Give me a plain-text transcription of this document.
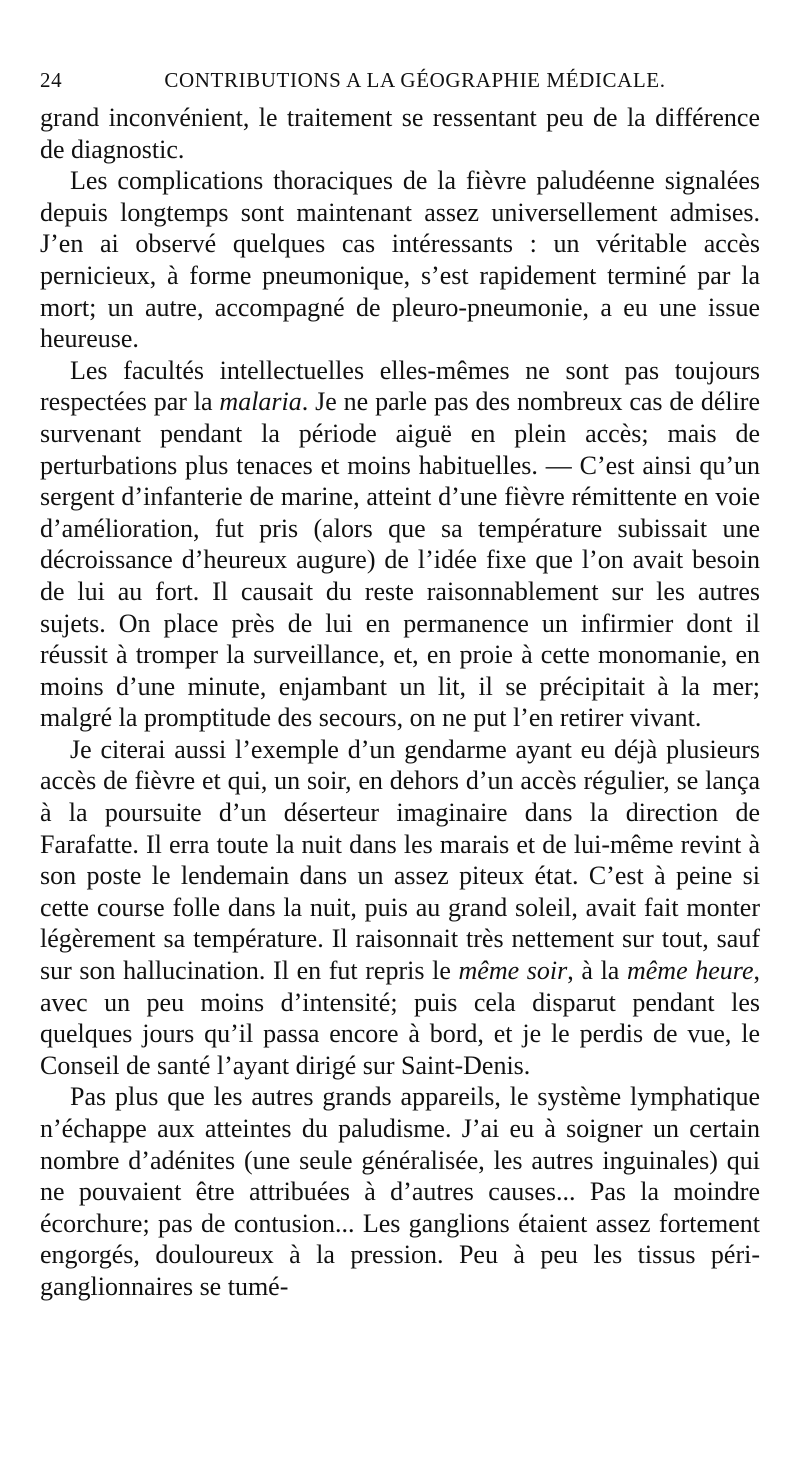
24	CONTRIBUTIONS A LA GÉOGRAPHIE MÉDICALE.

grand inconvénient, le traitement se ressentant peu de la différence de diagnostic.

Les complications thoraciques de la fièvre paludéenne signalées depuis longtemps sont maintenant assez universellement admises. J’en ai observé quelques cas intéressants : un véritable accès pernicieux, à forme pneumonique, s’est rapidement terminé par la mort; un autre, accompagné de pleuro-pneumonie, a eu une issue heureuse.

Les facultés intellectuelles elles-mêmes ne sont pas toujours respectées par la malaria. Je ne parle pas des nombreux cas de délire survenant pendant la période aiguë en plein accès; mais de perturbations plus tenaces et moins habituelles. — C’est ainsi qu’un sergent d’infanterie de marine, atteint d’une fièvre rémittente en voie d’amélioration, fut pris (alors que sa température subissait une décroissance d’heureux augure) de l’idée fixe que l’on avait besoin de lui au fort. Il causait du reste raisonnablement sur les autres sujets. On place près de lui en permanence un infirmier dont il réussit à tromper la surveillance, et, en proie à cette monomanie, en moins d’une minute, enjambant un lit, il se précipitait à la mer; malgré la promptitude des secours, on ne put l’en retirer vivant.

Je citerai aussi l’exemple d’un gendarme ayant eu déjà plusieurs accès de fièvre et qui, un soir, en dehors d’un accès régulier, se lança à la poursuite d’un déserteur imaginaire dans la direction de Farafatte. Il erra toute la nuit dans les marais et de lui-même revint à son poste le lendemain dans un assez piteux état. C’est à peine si cette course folle dans la nuit, puis au grand soleil, avait fait monter légèrement sa température. Il raisonnait très nettement sur tout, sauf sur son hallucination. Il en fut repris le même soir, à la même heure, avec un peu moins d’intensité; puis cela disparut pendant les quelques jours qu’il passa encore à bord, et je le perdis de vue, le Conseil de santé l’ayant dirigé sur Saint-Denis.

Pas plus que les autres grands appareils, le système lymphatique n’échappe aux atteintes du paludisme. J’ai eu à soigner un certain nombre d’adénites (une seule généralisée, les autres inguinales) qui ne pouvaient être attribuées à d’autres causes... Pas la moindre écorchure; pas de contusion... Les ganglions étaient assez fortement engorgés, douloureux à la pression. Peu à peu les tissus péri-ganglionnaires se tumé-
